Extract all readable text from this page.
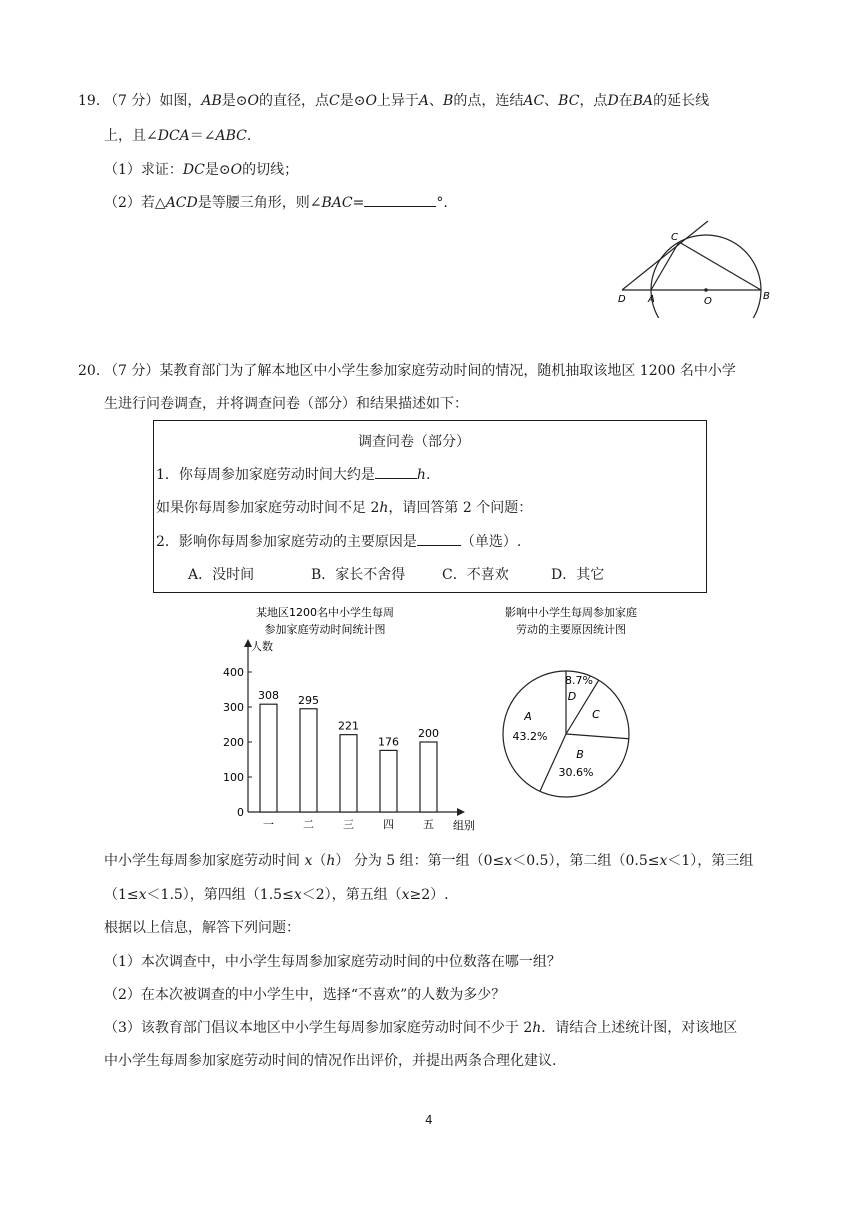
19. （7 分）如图，AB是⊙O的直径，点C是⊙O上异于A、B的点，连结AC、BC，点D在BA的延长线
上，且∠DCA＝∠ABC.
（1）求证：DC是⊙O的切线；
（2）若△ACD是等腰三角形，则∠BAC=	°.
C
D A	O	B
20. （7 分）某教育部门为了解本地区中小学生参加家庭劳动时间的情况，随机抽取该地区 1200 名中小学
生进行问卷调查，并将调查问卷（部分）和结果描述如下：
调查问卷（部分）
1．你每周参加家庭劳动时间大约是	h.
如果你每周参加家庭劳动时间不足 2h，请回答第 2 个问题：
2．影响你每周参加家庭劳动的主要原因是	（单选）.
A．没时间	B．家长不舍得	C．不喜欢	D．其它
某地区1200名中小学生每周
参加家庭劳动时间统计图
人数
组别
0
100
200
300
400
308
一
295
二
221
三
176
四
200
五
影响中小学生每周参加家庭
劳动的主要原因统计图
A
43.2%
B
30.6%
C
D
8.7%
中小学生每周参加家庭劳动时间 x（h） 分为 5 组：第一组（0≤x＜0.5），第二组（0.5≤x＜1），第三组
（1≤x＜1.5），第四组（1.5≤x＜2），第五组（x≥2）.
根据以上信息，解答下列问题：
（1）本次调查中，中小学生每周参加家庭劳动时间的中位数落在哪一组？
（2）在本次被调查的中小学生中，选择“不喜欢”的人数为多少？
（3）该教育部门倡议本地区中小学生每周参加家庭劳动时间不少于 2h．请结合上述统计图，对该地区
中小学生每周参加家庭劳动时间的情况作出评价，并提出两条合理化建议.
4
